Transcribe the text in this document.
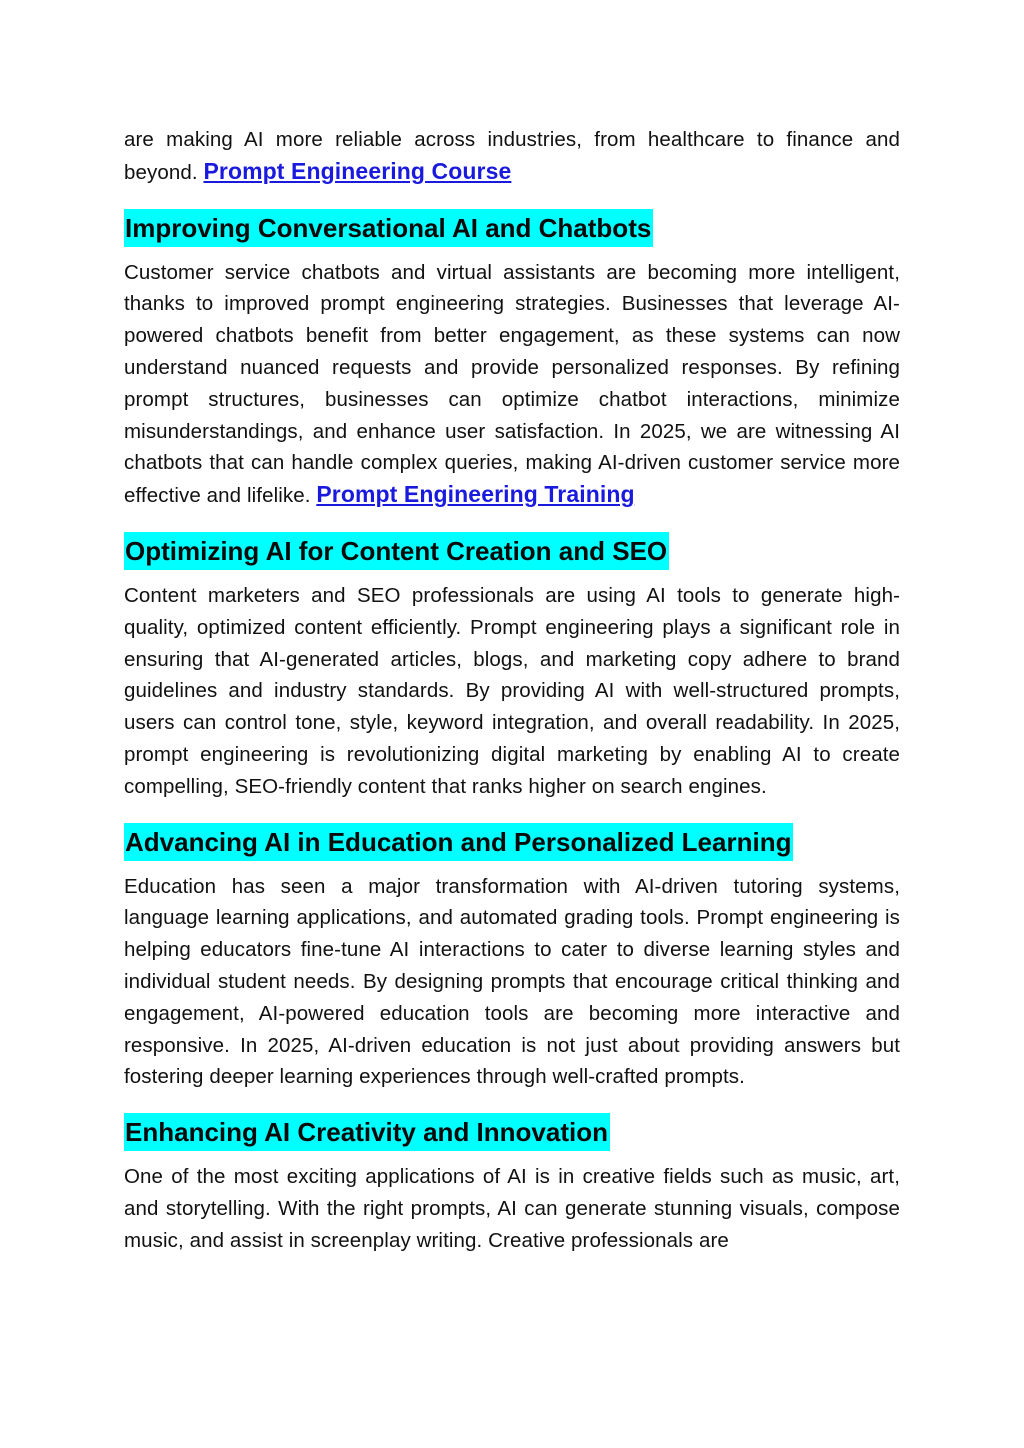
are making AI more reliable across industries, from healthcare to finance and beyond. Prompt Engineering Course

Improving Conversational AI and Chatbots

Customer service chatbots and virtual assistants are becoming more intelligent, thanks to improved prompt engineering strategies. Businesses that leverage AI-powered chatbots benefit from better engagement, as these systems can now understand nuanced requests and provide personalized responses. By refining prompt structures, businesses can optimize chatbot interactions, minimize misunderstandings, and enhance user satisfaction. In 2025, we are witnessing AI chatbots that can handle complex queries, making AI-driven customer service more effective and lifelike. Prompt Engineering Training

Optimizing AI for Content Creation and SEO

Content marketers and SEO professionals are using AI tools to generate high-quality, optimized content efficiently. Prompt engineering plays a significant role in ensuring that AI-generated articles, blogs, and marketing copy adhere to brand guidelines and industry standards. By providing AI with well-structured prompts, users can control tone, style, keyword integration, and overall readability. In 2025, prompt engineering is revolutionizing digital marketing by enabling AI to create compelling, SEO-friendly content that ranks higher on search engines.

Advancing AI in Education and Personalized Learning

Education has seen a major transformation with AI-driven tutoring systems, language learning applications, and automated grading tools. Prompt engineering is helping educators fine-tune AI interactions to cater to diverse learning styles and individual student needs. By designing prompts that encourage critical thinking and engagement, AI-powered education tools are becoming more interactive and responsive. In 2025, AI-driven education is not just about providing answers but fostering deeper learning experiences through well-crafted prompts.

Enhancing AI Creativity and Innovation

One of the most exciting applications of AI is in creative fields such as music, art, and storytelling. With the right prompts, AI can generate stunning visuals, compose music, and assist in screenplay writing. Creative professionals are
